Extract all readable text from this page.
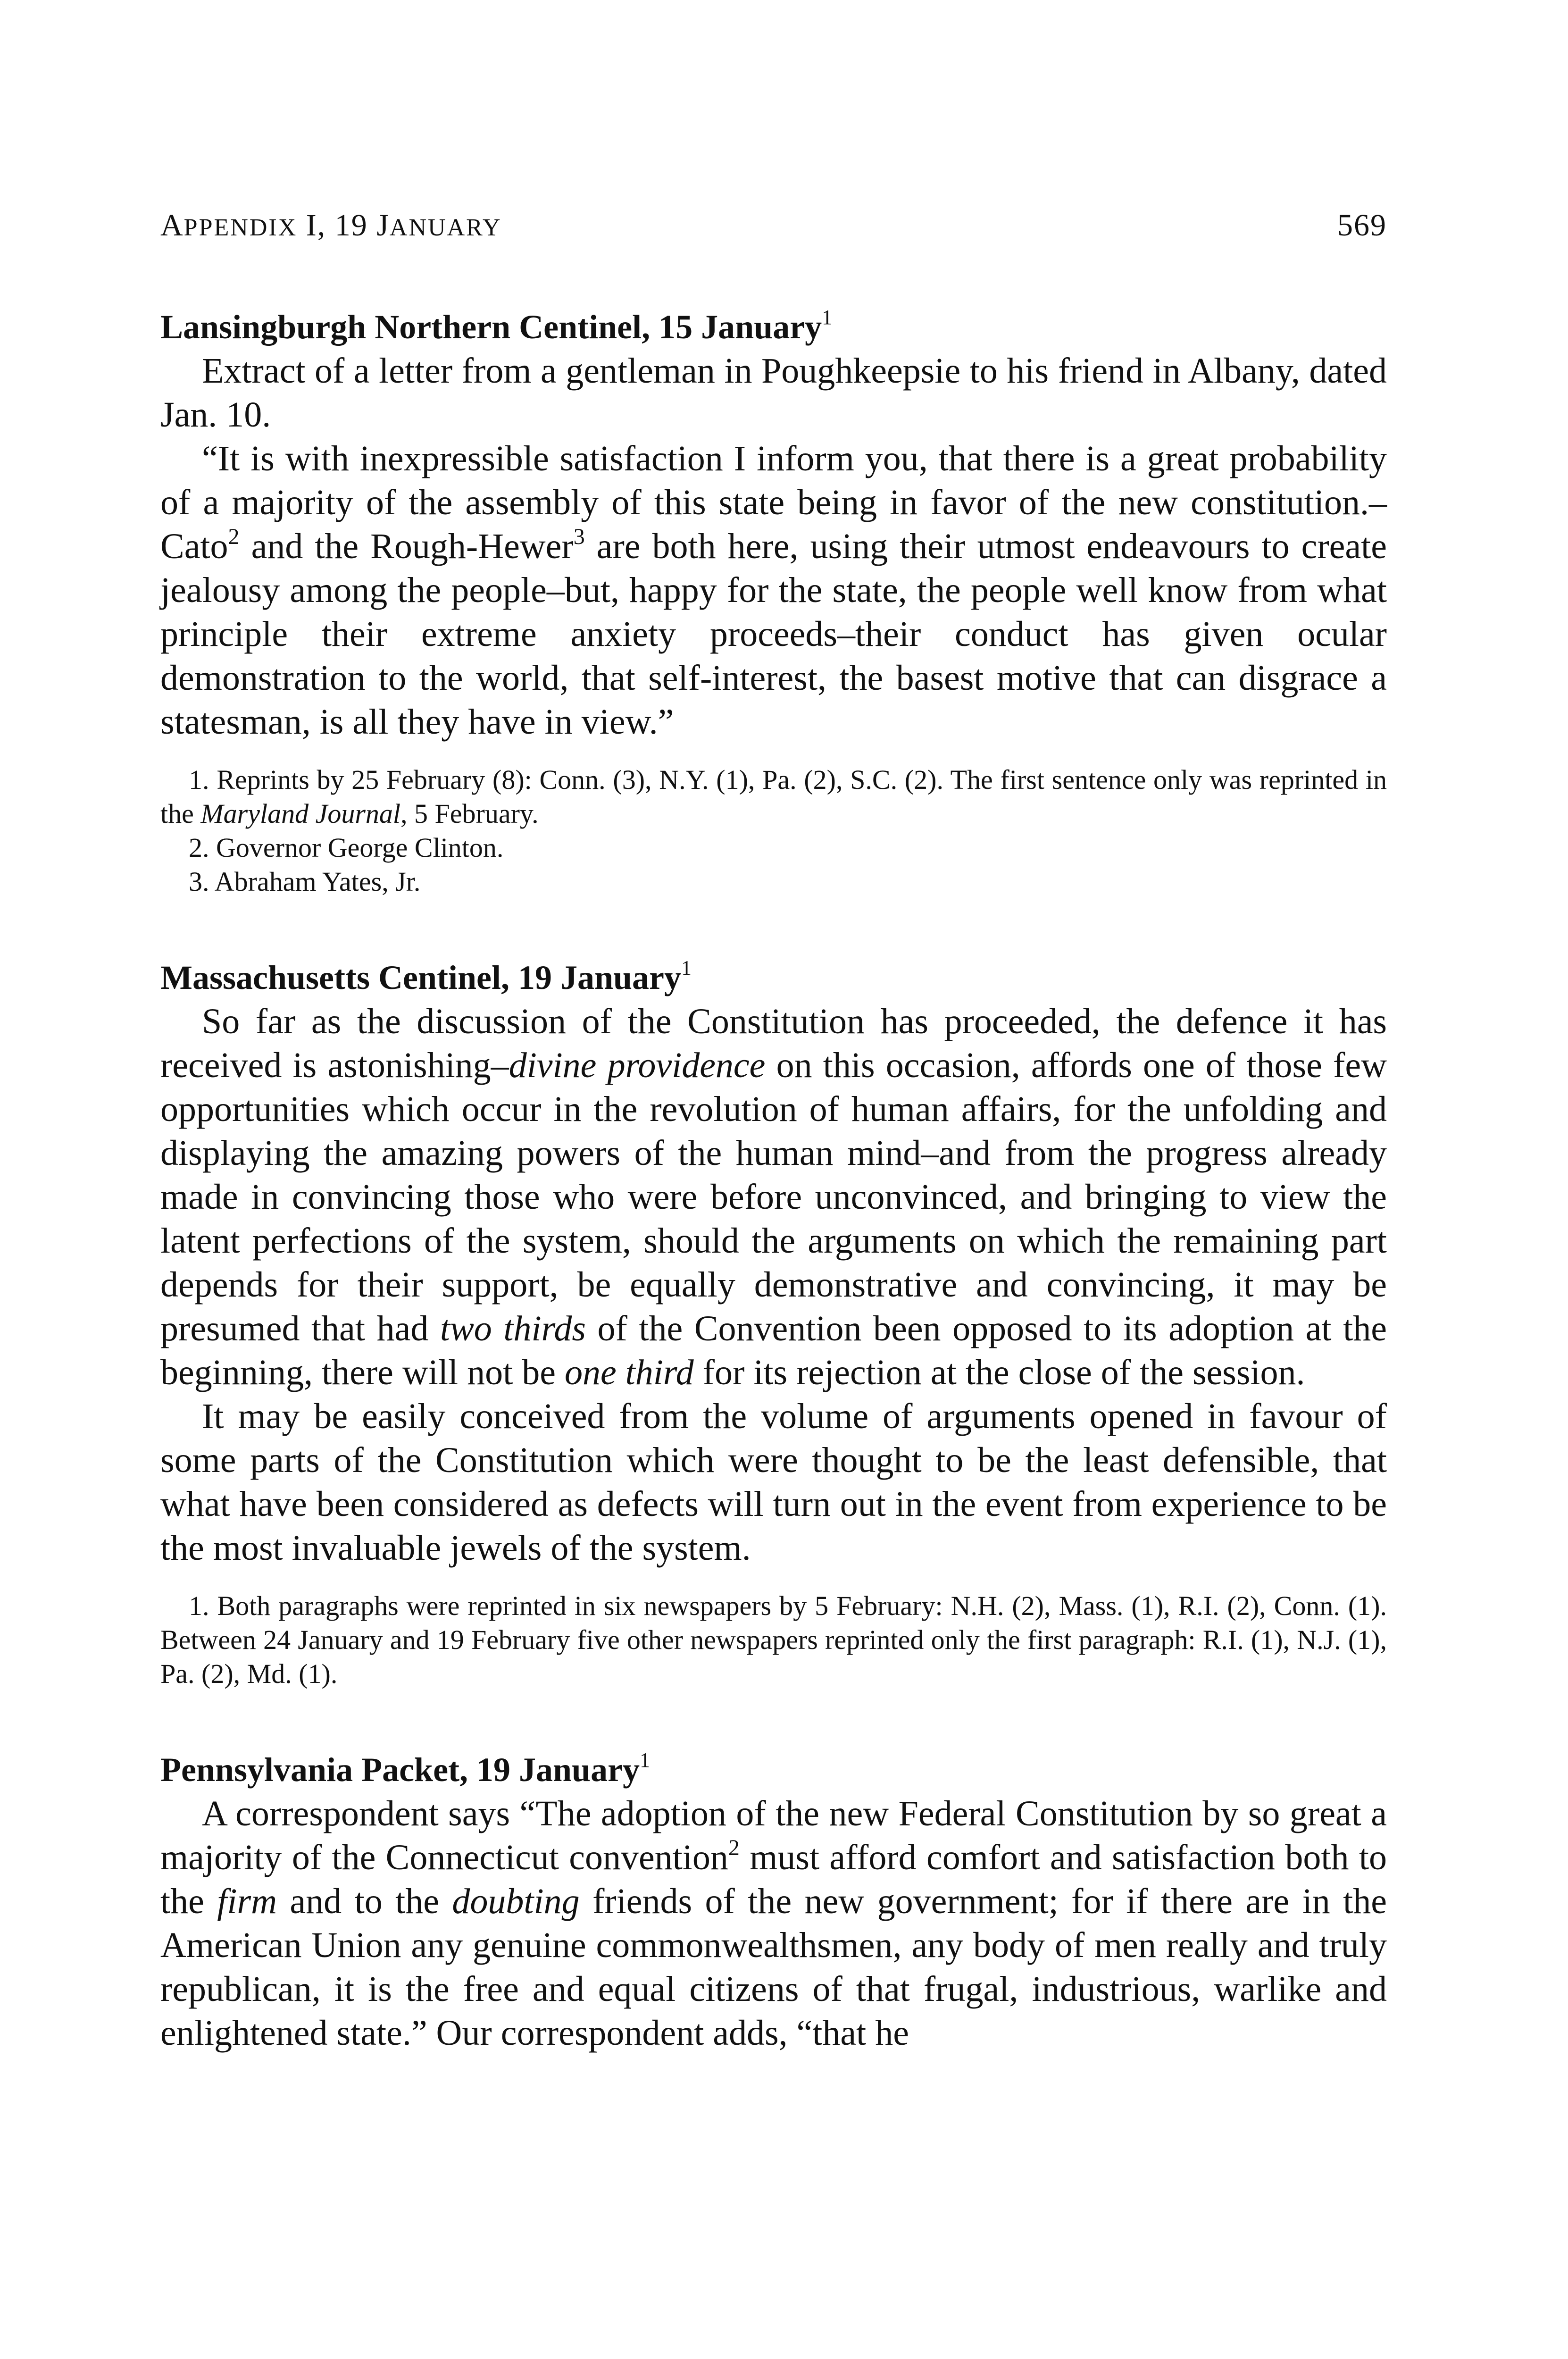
APPENDIX I, 19 JANUARY	569
Lansingburgh Northern Centinel, 15 January$^1$

Extract of a letter from a gentleman in Poughkeepsie to his friend in Albany, dated Jan. 10.

“It is with inexpressible satisfaction I inform you, that there is a great probability of a majority of the assembly of this state being in favor of the new constitution.–Cato$^2$ and the Rough-Hewer$^3$ are both here, using their utmost endeavours to create jealousy among the people–but, happy for the state, the people well know from what principle their extreme anxiety proceeds–their conduct has given ocular demonstration to the world, that self-interest, the basest motive that can disgrace a statesman, is all they have in view.”

1. Reprints by 25 February (8): Conn. (3), N.Y. (1), Pa. (2), S.C. (2). The first sentence only was reprinted in the Maryland Journal, 5 February.

2. Governor George Clinton.

3. Abraham Yates, Jr.

Massachusetts Centinel, 19 January$^1$

So far as the discussion of the Constitution has proceeded, the defence it has received is astonishing–divine providence on this occasion, affords one of those few opportunities which occur in the revolution of human affairs, for the unfolding and displaying the amazing powers of the human mind–and from the progress already made in convincing those who were before unconvinced, and bringing to view the latent perfections of the system, should the arguments on which the remaining part depends for their support, be equally demonstrative and convincing, it may be presumed that had two thirds of the Convention been opposed to its adoption at the beginning, there will not be one third for its rejection at the close of the session.

It may be easily conceived from the volume of arguments opened in favour of some parts of the Constitution which were thought to be the least defensible, that what have been considered as defects will turn out in the event from experience to be the most invaluable jewels of the system.

1. Both paragraphs were reprinted in six newspapers by 5 February: N.H. (2), Mass. (1), R.I. (2), Conn. (1). Between 24 January and 19 February five other newspapers reprinted only the first paragraph: R.I. (1), N.J. (1), Pa. (2), Md. (1).

Pennsylvania Packet, 19 January$^1$

A correspondent says “The adoption of the new Federal Constitution by so great a majority of the Connecticut convention$^2$ must afford comfort and satisfaction both to the firm and to the doubting friends of the new government; for if there are in the American Union any genuine commonwealthsmen, any body of men really and truly republican, it is the free and equal citizens of that frugal, industrious, warlike and enlightened state.” Our correspondent adds, “that he
